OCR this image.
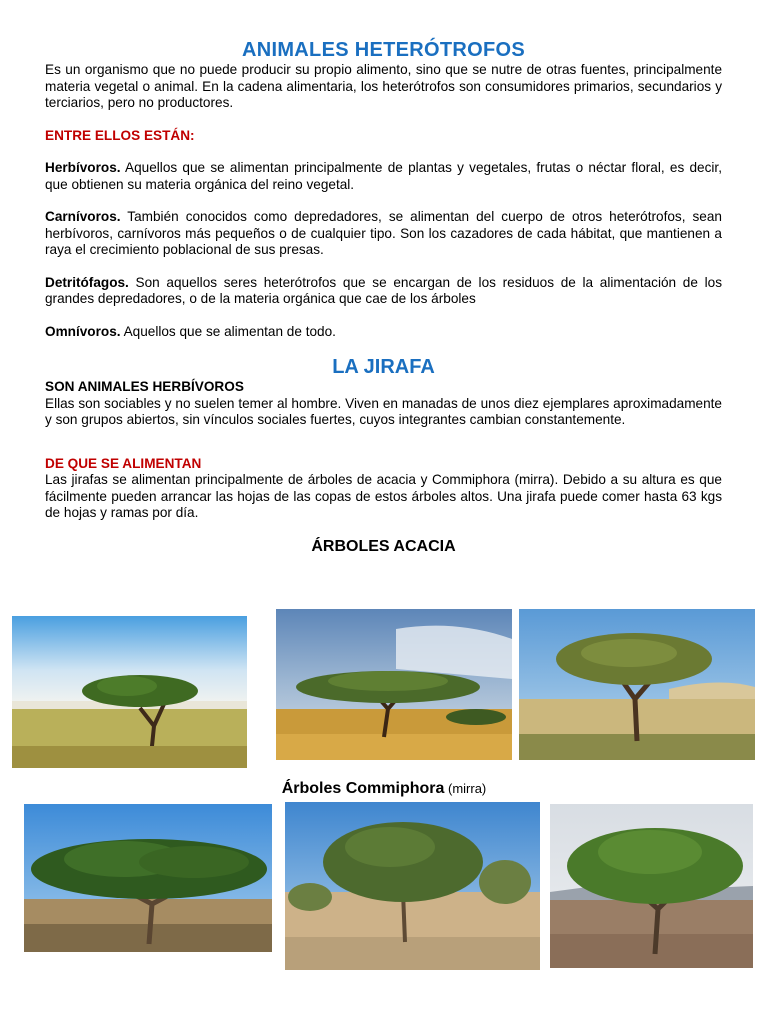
ANIMALES HETERÓTROFOS

Es un organismo que no puede producir su propio alimento, sino que se nutre de otras fuentes, principalmente materia vegetal o animal. En la cadena alimentaria, los heterótrofos son consumidores primarios, secundarios y terciarios, pero no productores.

ENTRE ELLOS ESTÁN:

Herbívoros. Aquellos que se alimentan principalmente de plantas y vegetales, frutas o néctar floral, es decir, que obtienen su materia orgánica del reino vegetal.

Carnívoros. También conocidos como depredadores, se alimentan del cuerpo de otros heterótrofos, sean herbívoros, carnívoros más pequeños o de cualquier tipo. Son los cazadores de cada hábitat, que mantienen a raya el crecimiento poblacional de sus presas.

Detritófagos. Son aquellos seres heterótrofos que se encargan de los residuos de la alimentación de los grandes depredadores, o de la materia orgánica que cae de los árboles

Omnívoros. Aquellos que se alimentan de todo.

LA JIRAFA
SON ANIMALES HERBÍVOROS

Ellas son sociables y no suelen temer al hombre. Viven en manadas de unos diez ejemplares aproximadamente y son grupos abiertos, sin vínculos sociales fuertes, cuyos integrantes cambian constantemente.

DE QUE SE ALIMENTAN

Las jirafas se alimentan principalmente de árboles de acacia y Commiphora (mirra). Debido a su altura es que fácilmente pueden arrancar las hojas de las copas de estos árboles altos. Una jirafa puede comer hasta 63 kgs de hojas y ramas por día.

ÁRBOLES ACACIA
Árboles Commiphora (mirra)
